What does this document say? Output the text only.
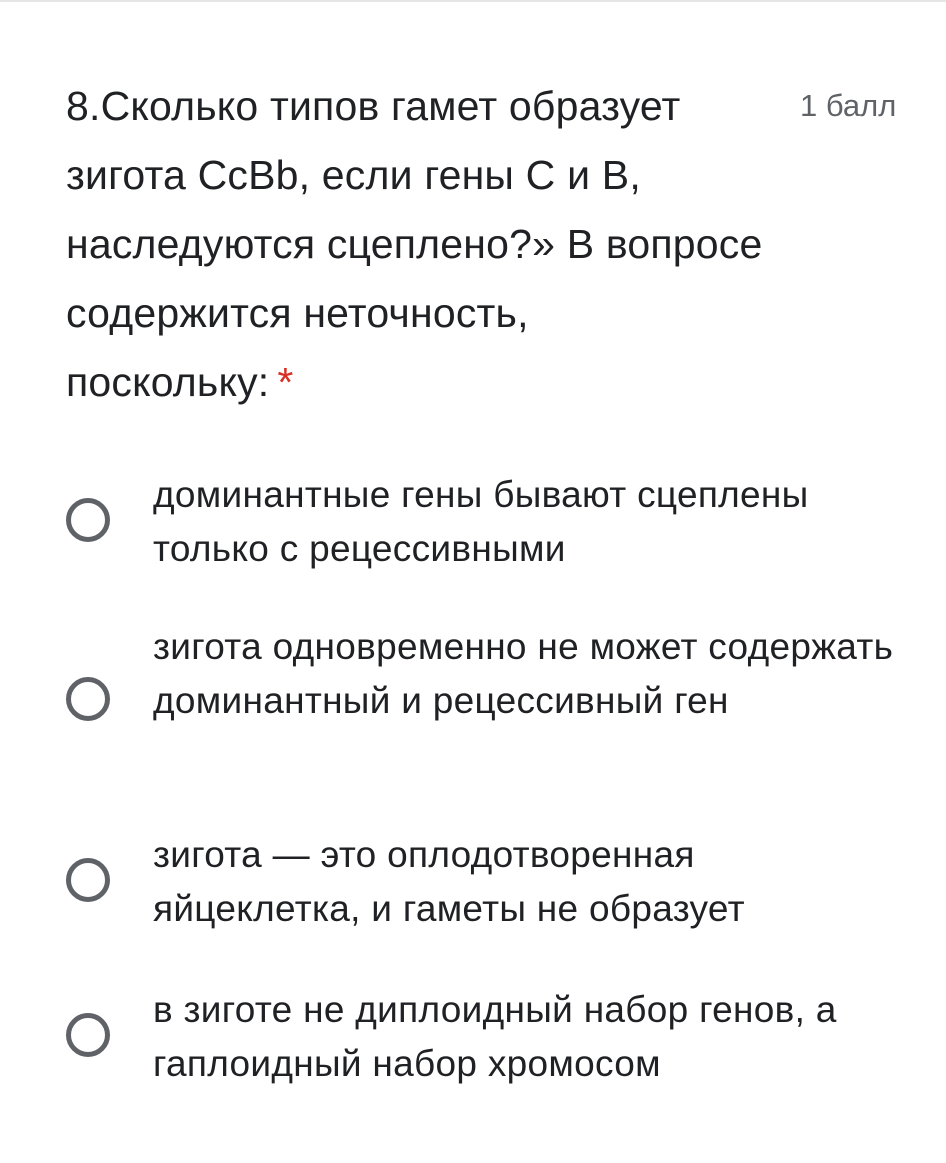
8.Сколько типов гамет образует зигота СсBb, если гены С и B, наследуются сцеплено?» В вопросе содержится неточность, поскольку: *
1 балл
доминантные гены бывают сцеплены только с рецессивными
зигота одновременно не может содержать доминантный и рецессивный ген
зигота — это оплодотворенная яйцеклетка, и гаметы не образует
в зиготе не диплоидный набор генов, а гаплоидный набор хромосом
